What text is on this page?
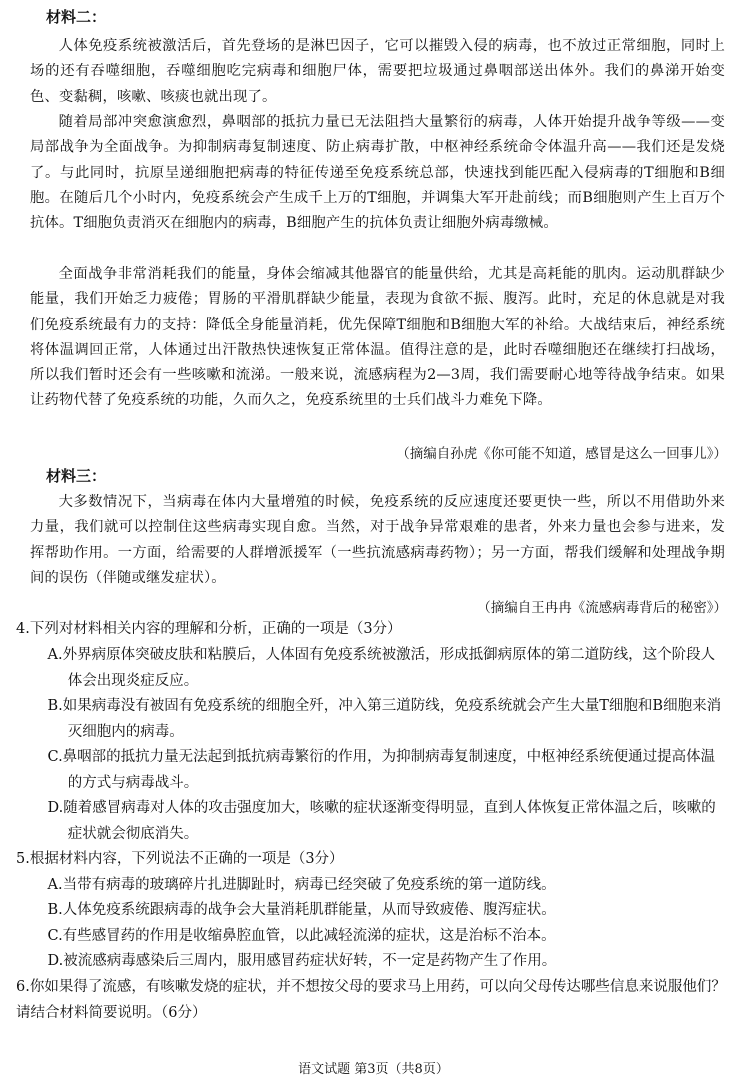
材料二：
人体免疫系统被激活后，首先登场的是淋巴因子，它可以摧毁入侵的病毒，也不放过正常细胞，同时上场的还有吞噬细胞，吞噬细胞吃完病毒和细胞尸体，需要把垃圾通过鼻咽部送出体外。我们的鼻涕开始变色、变黏稠，咳嗽、咳痰也就出现了。
随着局部冲突愈演愈烈，鼻咽部的抵抗力量已无法阻挡大量繁衍的病毒，人体开始提升战争等级——变局部战争为全面战争。为抑制病毒复制速度、防止病毒扩散，中枢神经系统命令体温升高——我们还是发烧了。与此同时，抗原呈递细胞把病毒的特征传递至免疫系统总部，快速找到能匹配入侵病毒的T细胞和B细胞。在随后几个小时内，免疫系统会产生成千上万的T细胞，并调集大军开赴前线；而B细胞则产生上百万个抗体。T细胞负责消灭在细胞内的病毒，B细胞产生的抗体负责让细胞外病毒缴械。
全面战争非常消耗我们的能量，身体会缩减其他器官的能量供给，尤其是高耗能的肌肉。运动肌群缺少能量，我们开始乏力疲倦；胃肠的平滑肌群缺少能量，表现为食欲不振、腹泻。此时，充足的休息就是对我们免疫系统最有力的支持：降低全身能量消耗，优先保障T细胞和B细胞大军的补给。大战结束后，神经系统将体温调回正常，人体通过出汗散热快速恢复正常体温。值得注意的是，此时吞噬细胞还在继续打扫战场，所以我们暂时还会有一些咳嗽和流涕。一般来说，流感病程为2—3周，我们需要耐心地等待战争结束。如果让药物代替了免疫系统的功能，久而久之，免疫系统里的士兵们战斗力难免下降。
（摘编自孙虎《你可能不知道，感冒是这么一回事儿》）
材料三：
大多数情况下，当病毒在体内大量增殖的时候，免疫系统的反应速度还要更快一些，所以不用借助外来力量，我们就可以控制住这些病毒实现自愈。当然，对于战争异常艰难的患者，外来力量也会参与进来，发挥帮助作用。一方面，给需要的人群增派援军（一些抗流感病毒药物）；另一方面，帮我们缓解和处理战争期间的误伤（伴随或继发症状）。
（摘编自王冉冉《流感病毒背后的秘密》）
4.下列对材料相关内容的理解和分析，正确的一项是（3分）
A.外界病原体突破皮肤和粘膜后，人体固有免疫系统被激活，形成抵御病原体的第二道防线，这个阶段人体会出现炎症反应。
B.如果病毒没有被固有免疫系统的细胞全歼，冲入第三道防线，免疫系统就会产生大量T细胞和B细胞来消灭细胞内的病毒。
C.鼻咽部的抵抗力量无法起到抵抗病毒繁衍的作用，为抑制病毒复制速度，中枢神经系统便通过提高体温的方式与病毒战斗。
D.随着感冒病毒对人体的攻击强度加大，咳嗽的症状逐渐变得明显，直到人体恢复正常体温之后，咳嗽的症状就会彻底消失。
5.根据材料内容，下列说法不正确的一项是（3分）
A.当带有病毒的玻璃碎片扎进脚趾时，病毒已经突破了免疫系统的第一道防线。
B.人体免疫系统跟病毒的战争会大量消耗肌群能量，从而导致疲倦、腹泻症状。
C.有些感冒药的作用是收缩鼻腔血管，以此减轻流涕的症状，这是治标不治本。
D.被流感病毒感染后三周内，服用感冒药症状好转，不一定是药物产生了作用。
6.你如果得了流感，有咳嗽发烧的症状，并不想按父母的要求马上用药，可以向父母传达哪些信息来说服他们？请结合材料简要说明。（6分）
语文试题 第3页（共8页）
